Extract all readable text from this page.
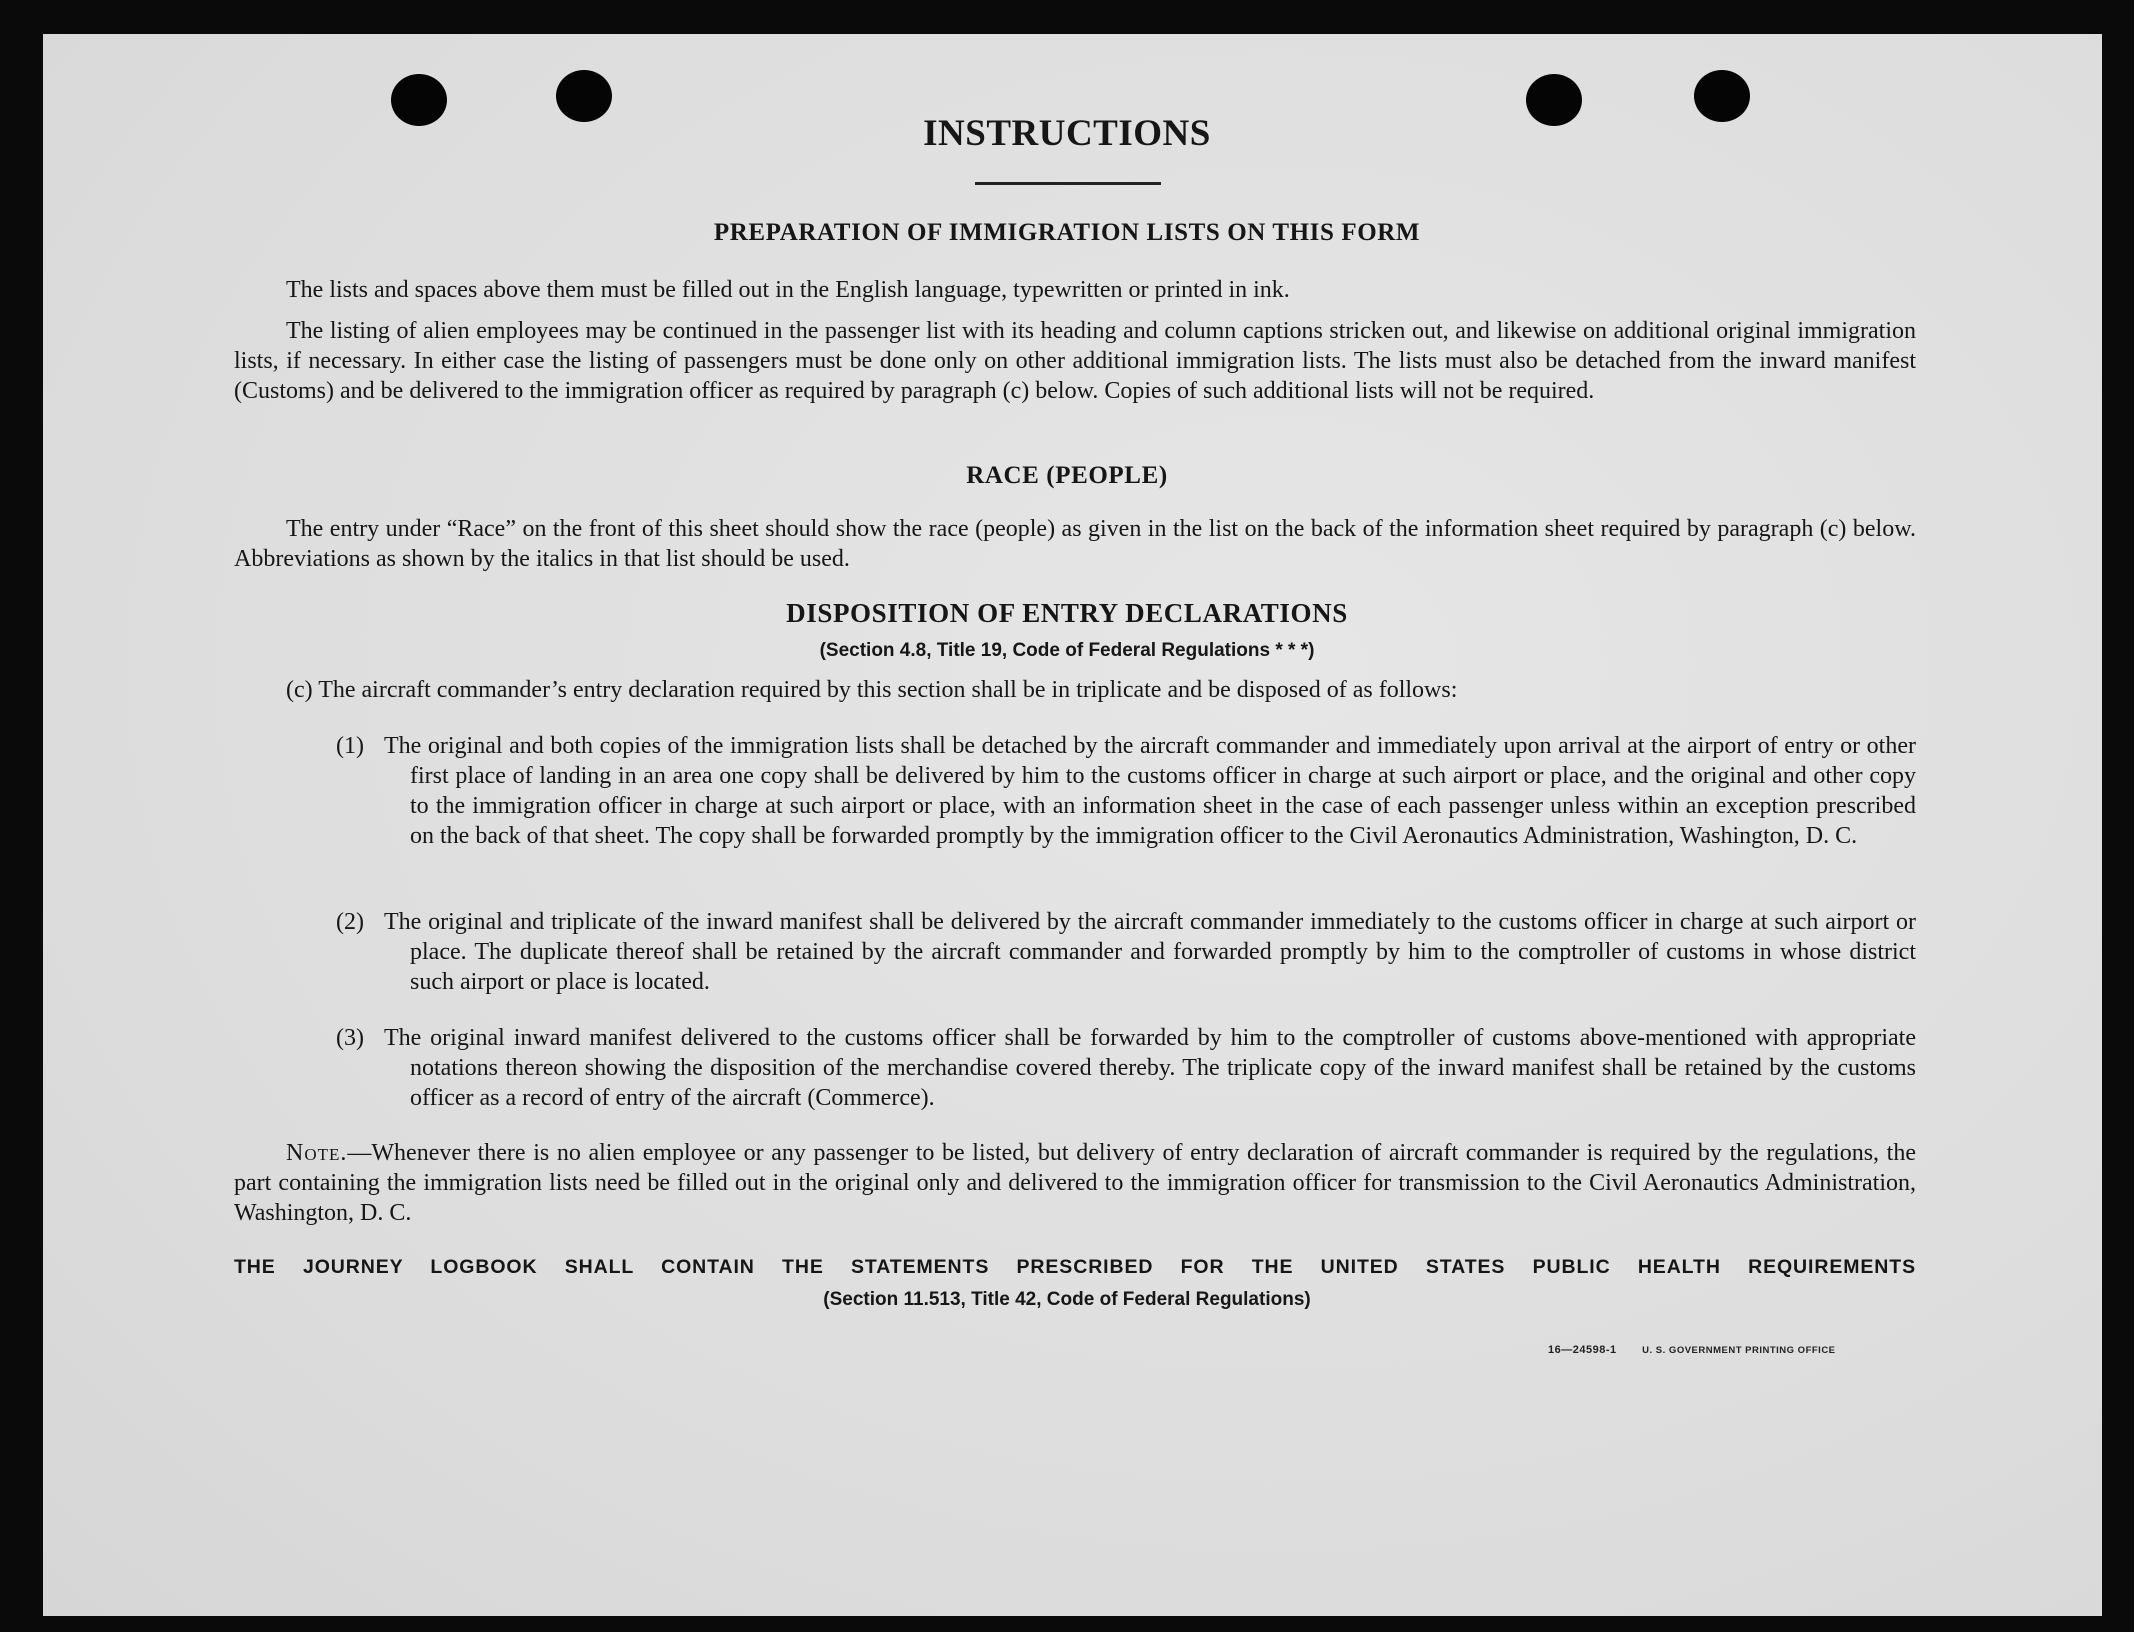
INSTRUCTIONS
PREPARATION OF IMMIGRATION LISTS ON THIS FORM
The lists and spaces above them must be filled out in the English language, typewritten or printed in ink.
The listing of alien employees may be continued in the passenger list with its heading and column captions stricken out, and likewise on additional original immigration lists, if necessary. In either case the listing of passengers must be done only on other additional immigration lists. The lists must also be detached from the inward manifest (Customs) and be delivered to the immigration officer as required by paragraph (c) below. Copies of such additional lists will not be required.
RACE (PEOPLE)
The entry under “Race” on the front of this sheet should show the race (people) as given in the list on the back of the information sheet required by paragraph (c) below. Abbreviations as shown by the italics in that list should be used.
DISPOSITION OF ENTRY DECLARATIONS
(Section 4.8, Title 19, Code of Federal Regulations * * *)
(c) The aircraft commander’s entry declaration required by this section shall be in triplicate and be disposed of as follows:
(1) The original and both copies of the immigration lists shall be detached by the aircraft commander and immediately upon arrival at the airport of entry or other first place of landing in an area one copy shall be delivered by him to the customs officer in charge at such airport or place, and the original and other copy to the immigration officer in charge at such airport or place, with an information sheet in the case of each passenger unless within an exception prescribed on the back of that sheet. The copy shall be forwarded promptly by the immigration officer to the Civil Aeronautics Administration, Washington, D. C.
(2) The original and triplicate of the inward manifest shall be delivered by the aircraft commander immediately to the customs officer in charge at such airport or place. The duplicate thereof shall be retained by the aircraft commander and forwarded promptly by him to the comptroller of customs in whose district such airport or place is located.
(3) The original inward manifest delivered to the customs officer shall be forwarded by him to the comptroller of customs above-mentioned with appropriate notations thereon showing the disposition of the merchandise covered thereby. The triplicate copy of the inward manifest shall be retained by the customs officer as a record of entry of the aircraft (Commerce).
Note.—Whenever there is no alien employee or any passenger to be listed, but delivery of entry declaration of aircraft commander is required by the regulations, the part containing the immigration lists need be filled out in the original only and delivered to the immigration officer for transmission to the Civil Aeronautics Administration, Washington, D. C.
THE JOURNEY LOGBOOK SHALL CONTAIN THE STATEMENTS PRESCRIBED FOR THE UNITED STATES PUBLIC HEALTH REQUIREMENTS
(Section 11.513, Title 42, Code of Federal Regulations)
16—24598-1	U. S. GOVERNMENT PRINTING OFFICE
